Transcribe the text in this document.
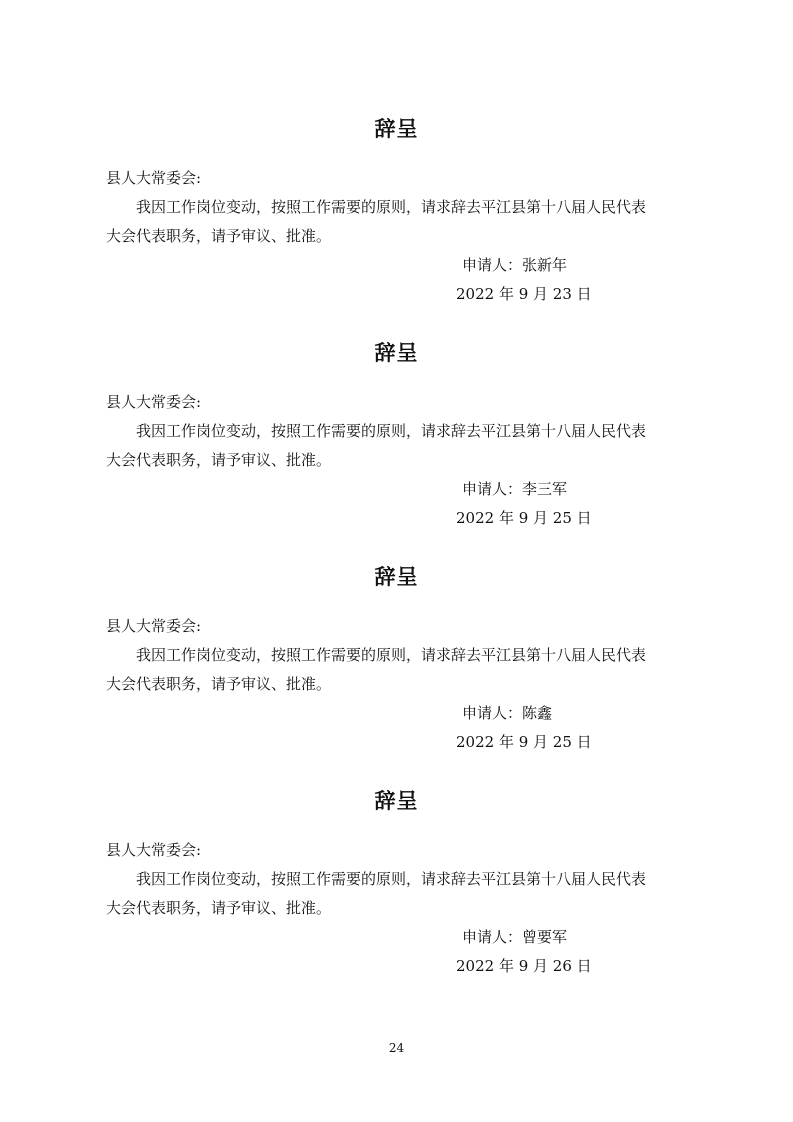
辞呈
县人大常委会:
我因工作岗位变动，按照工作需要的原则，请求辞去平江县第十八届人民代表
大会代表职务，请予审议、批准。
申请人：张新年
2022 年 9 月 23 日
辞呈
县人大常委会:
我因工作岗位变动，按照工作需要的原则，请求辞去平江县第十八届人民代表
大会代表职务，请予审议、批准。
申请人：李三军
2022 年 9 月 25 日
辞呈
县人大常委会:
我因工作岗位变动，按照工作需要的原则，请求辞去平江县第十八届人民代表
大会代表职务，请予审议、批准。
申请人：陈鑫
2022 年 9 月 25 日
辞呈
县人大常委会:
我因工作岗位变动，按照工作需要的原则，请求辞去平江县第十八届人民代表
大会代表职务，请予审议、批准。
申请人：曾要军
2022 年 9 月 26 日
24
